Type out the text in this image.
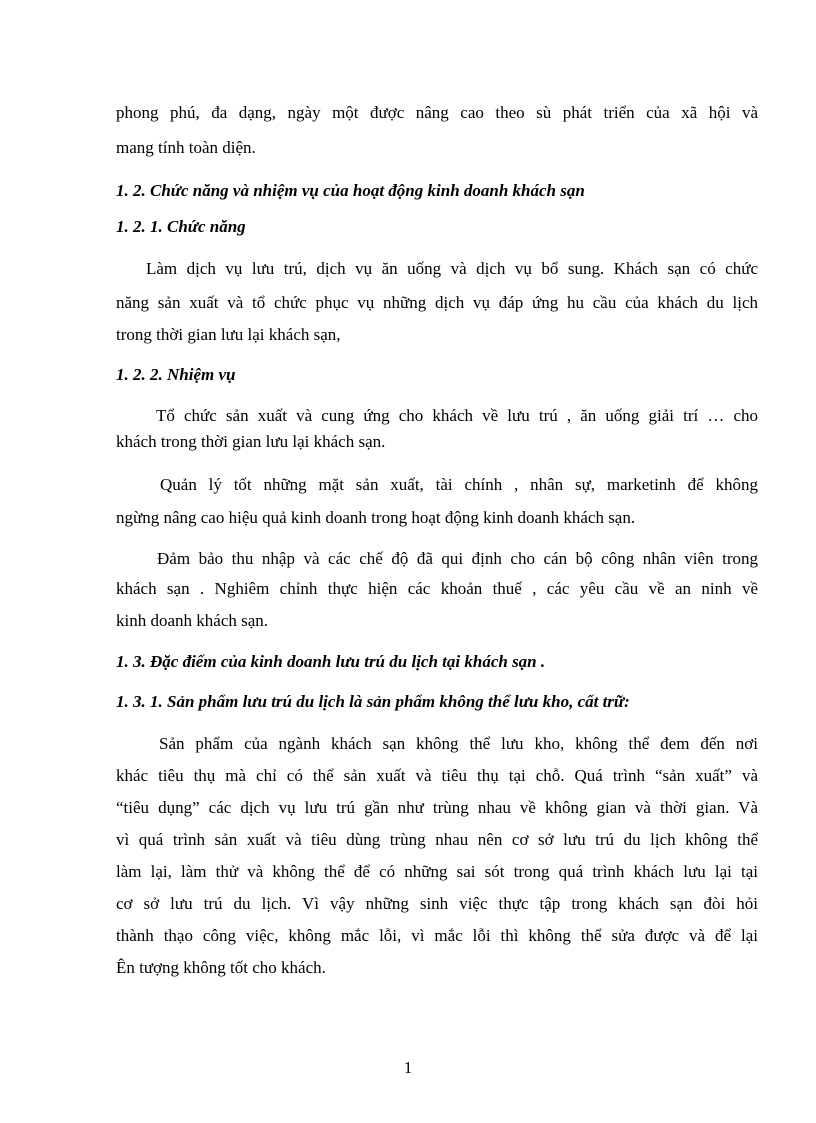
phong phú, đa dạng, ngày một được nâng cao theo sù phát triển của xã hội và
mang tính toàn diện.
1. 2. Chức năng và nhiệm vụ của hoạt động kinh doanh khách sạn
1. 2. 1. Chức năng
Làm dịch vụ lưu trú, dịch vụ ăn uống và dịch vụ bổ sung. Khách sạn có chức
năng sản xuất và tổ chức phục vụ những dịch vụ đáp ứng hu cầu của khách du lịch
trong thời gian lưu lại khách sạn,
1. 2. 2. Nhiệm vụ
Tổ chức sản xuất và cung ứng cho khách về lưu trú , ăn uống giải trí … cho
khách trong thời gian lưu lại khách sạn.
Quản lý tốt những mặt sản xuất, tài chính , nhân sự, marketinh để không
ngừng nâng cao hiệu quả kinh doanh trong hoạt động kinh doanh khách sạn.
Đảm bảo thu nhập và các chế độ đã qui định cho cán bộ công nhân viên trong
khách sạn . Nghiêm chỉnh thực hiện các khoản thuế , các yêu cầu về an ninh về
kinh doanh khách sạn.
1. 3. Đặc điểm của kinh doanh lưu trú du lịch tại khách sạn .
1. 3. 1. Sản phẩm lưu trú du lịch là sản phẩm không thể lưu kho, cất trữ:
Sản phẩm của ngành khách sạn không thể lưu kho, không thể đem đến nơi
khác tiêu thụ mà chỉ có thể sản xuất và tiêu thụ tại chỗ. Quá trình “sản xuất” và
“tiêu dụng” các dịch vụ lưu trú gần như trùng nhau về không gian và thời gian. Và
vì quá trình sản xuất và tiêu dùng trùng nhau nên cơ sở lưu trú du lịch không thể
làm lại, làm thử và không thể để có những sai sót trong quá trình khách lưu lại tại
cơ sở lưu trú du lịch. Vì vậy những sinh việc thực tập trong khách sạn đòi hỏi
thành thạo công việc, không mắc lỗi, vì mắc lỗi thì không thể sửa được và để lại
Ên tượng không tốt cho khách.
1
